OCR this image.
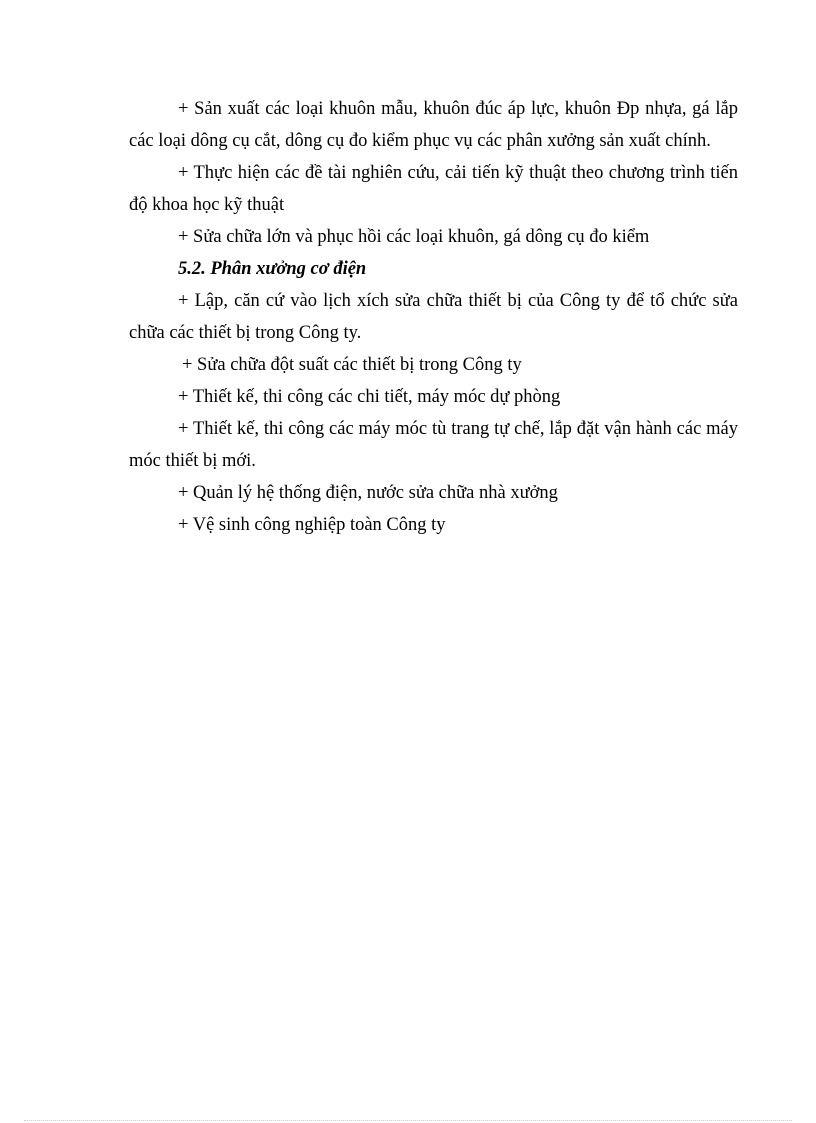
+ Sản xuất các loại khuôn mẫu, khuôn đúc áp lực, khuôn Đp nhựa, gá lắp các loại dông cụ cắt, dông cụ đo kiểm phục vụ các phân xưởng sản xuất chính.

+ Thực hiện các đề tài nghiên cứu, cải tiến kỹ thuật theo chương trình tiến độ khoa học kỹ thuật

+ Sửa chữa lớn và phục hồi các loại khuôn, gá dông cụ đo kiểm

5.2. Phân xưởng cơ điện

+ Lập, căn cứ vào lịch xích sửa chữa thiết bị của Công ty để tổ chức sửa chữa các thiết bị trong Công ty.

+ Sửa chữa đột suất các thiết bị trong Công ty

+ Thiết kế, thi công các chi tiết, máy móc dự phòng

+ Thiết kế, thi công các máy móc tù trang tự chế, lắp đặt vận hành các máy móc thiết bị mới.

+ Quản lý hệ thống điện, nước sửa chữa nhà xưởng

+ Vệ sinh công nghiệp toàn Công ty
